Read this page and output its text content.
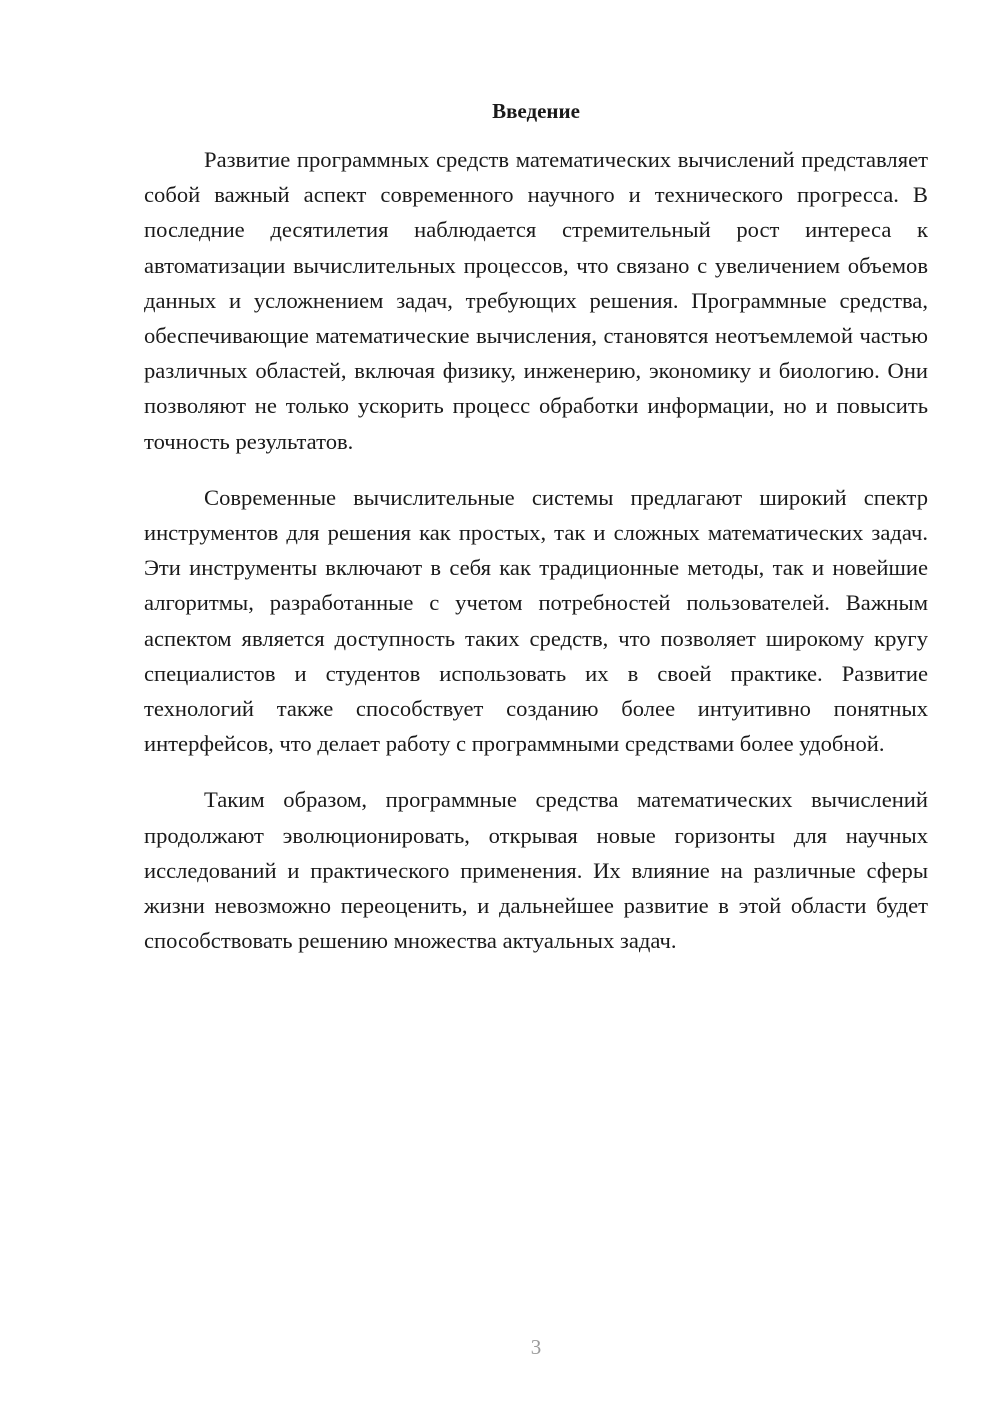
Введение

Развитие программных средств математических вычислений представляет собой важный аспект современного научного и технического прогресса. В последние десятилетия наблюдается стремительный рост интереса к автоматизации вычислительных процессов, что связано с увеличением объемов данных и усложнением задач, требующих решения. Программные средства, обеспечивающие математические вычисления, становятся неотъемлемой частью различных областей, включая физику, инженерию, экономику и биологию. Они позволяют не только ускорить процесс обработки информации, но и повысить точность результатов.

Современные вычислительные системы предлагают широкий спектр инструментов для решения как простых, так и сложных математических задач. Эти инструменты включают в себя как традиционные методы, так и новейшие алгоритмы, разработанные с учетом потребностей пользователей. Важным аспектом является доступность таких средств, что позволяет широкому кругу специалистов и студентов использовать их в своей практике. Развитие технологий также способствует созданию более интуитивно понятных интерфейсов, что делает работу с программными средствами более удобной.

Таким образом, программные средства математических вычислений продолжают эволюционировать, открывая новые горизонты для научных исследований и практического применения. Их влияние на различные сферы жизни невозможно переоценить, и дальнейшее развитие в этой области будет способствовать решению множества актуальных задач.

3
